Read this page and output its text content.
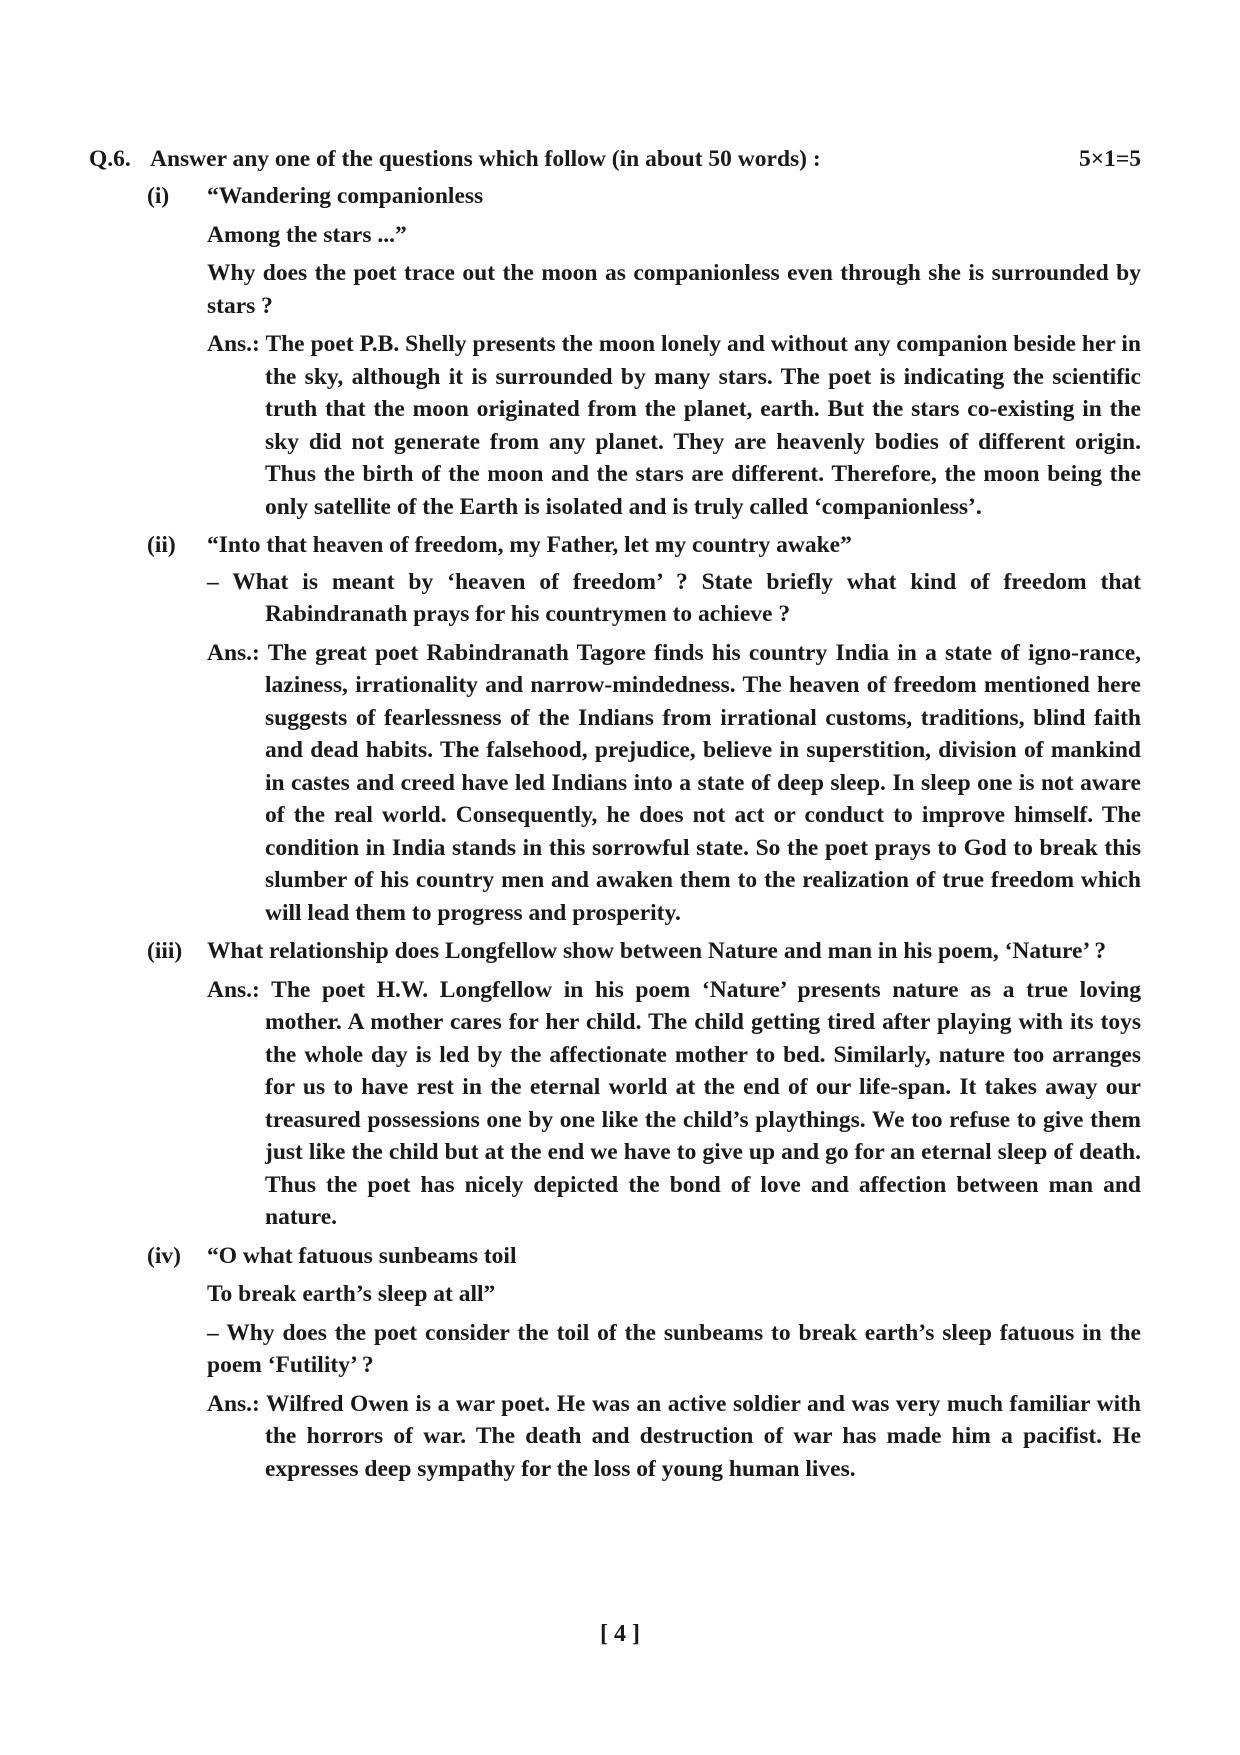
Q.6. Answer any one of the questions which follow (in about 50 words) :	5×1=5
(i) “Wandering companionless
Among the stars ...”
Why does the poet trace out the moon as companionless even through she is surrounded by stars ?
Ans.: The poet P.B. Shelly presents the moon lonely and without any companion beside her in the sky, although it is surrounded by many stars. The poet is indicating the scientific truth that the moon originated from the planet, earth. But the stars co-existing in the sky did not generate from any planet. They are heavenly bodies of different origin. Thus the birth of the moon and the stars are different. Therefore, the moon being the only satellite of the Earth is isolated and is truly called ‘companionless’.
(ii) “Into that heaven of freedom, my Father, let my country awake”
– What is meant by ‘heaven of freedom’ ? State briefly what kind of freedom that Rabindranath prays for his countrymen to achieve ?
Ans.: The great poet Rabindranath Tagore finds his country India in a state of igno-rance, laziness, irrationality and narrow-mindedness. The heaven of freedom mentioned here suggests of fearlessness of the Indians from irrational customs, traditions, blind faith and dead habits. The falsehood, prejudice, believe in superstition, division of mankind in castes and creed have led Indians into a state of deep sleep. In sleep one is not aware of the real world. Consequently, he does not act or conduct to improve himself. The condition in India stands in this sorrowful state. So the poet prays to God to break this slumber of his country men and awaken them to the realization of true freedom which will lead them to progress and prosperity.
(iii) What relationship does Longfellow show between Nature and man in his poem, ‘Nature’ ?
Ans.: The poet H.W. Longfellow in his poem ‘Nature’ presents nature as a true loving mother. A mother cares for her child. The child getting tired after playing with its toys the whole day is led by the affectionate mother to bed. Similarly, nature too arranges for us to have rest in the eternal world at the end of our life-span. It takes away our treasured possessions one by one like the child’s playthings. We too refuse to give them just like the child but at the end we have to give up and go for an eternal sleep of death. Thus the poet has nicely depicted the bond of love and affection between man and nature.
(iv) “O what fatuous sunbeams toil
To break earth’s sleep at all”
– Why does the poet consider the toil of the sunbeams to break earth’s sleep fatuous in the poem ‘Futility’ ?
Ans.: Wilfred Owen is a war poet. He was an active soldier and was very much familiar with the horrors of war. The death and destruction of war has made him a pacifist. He expresses deep sympathy for the loss of young human lives.
[ 4 ]
